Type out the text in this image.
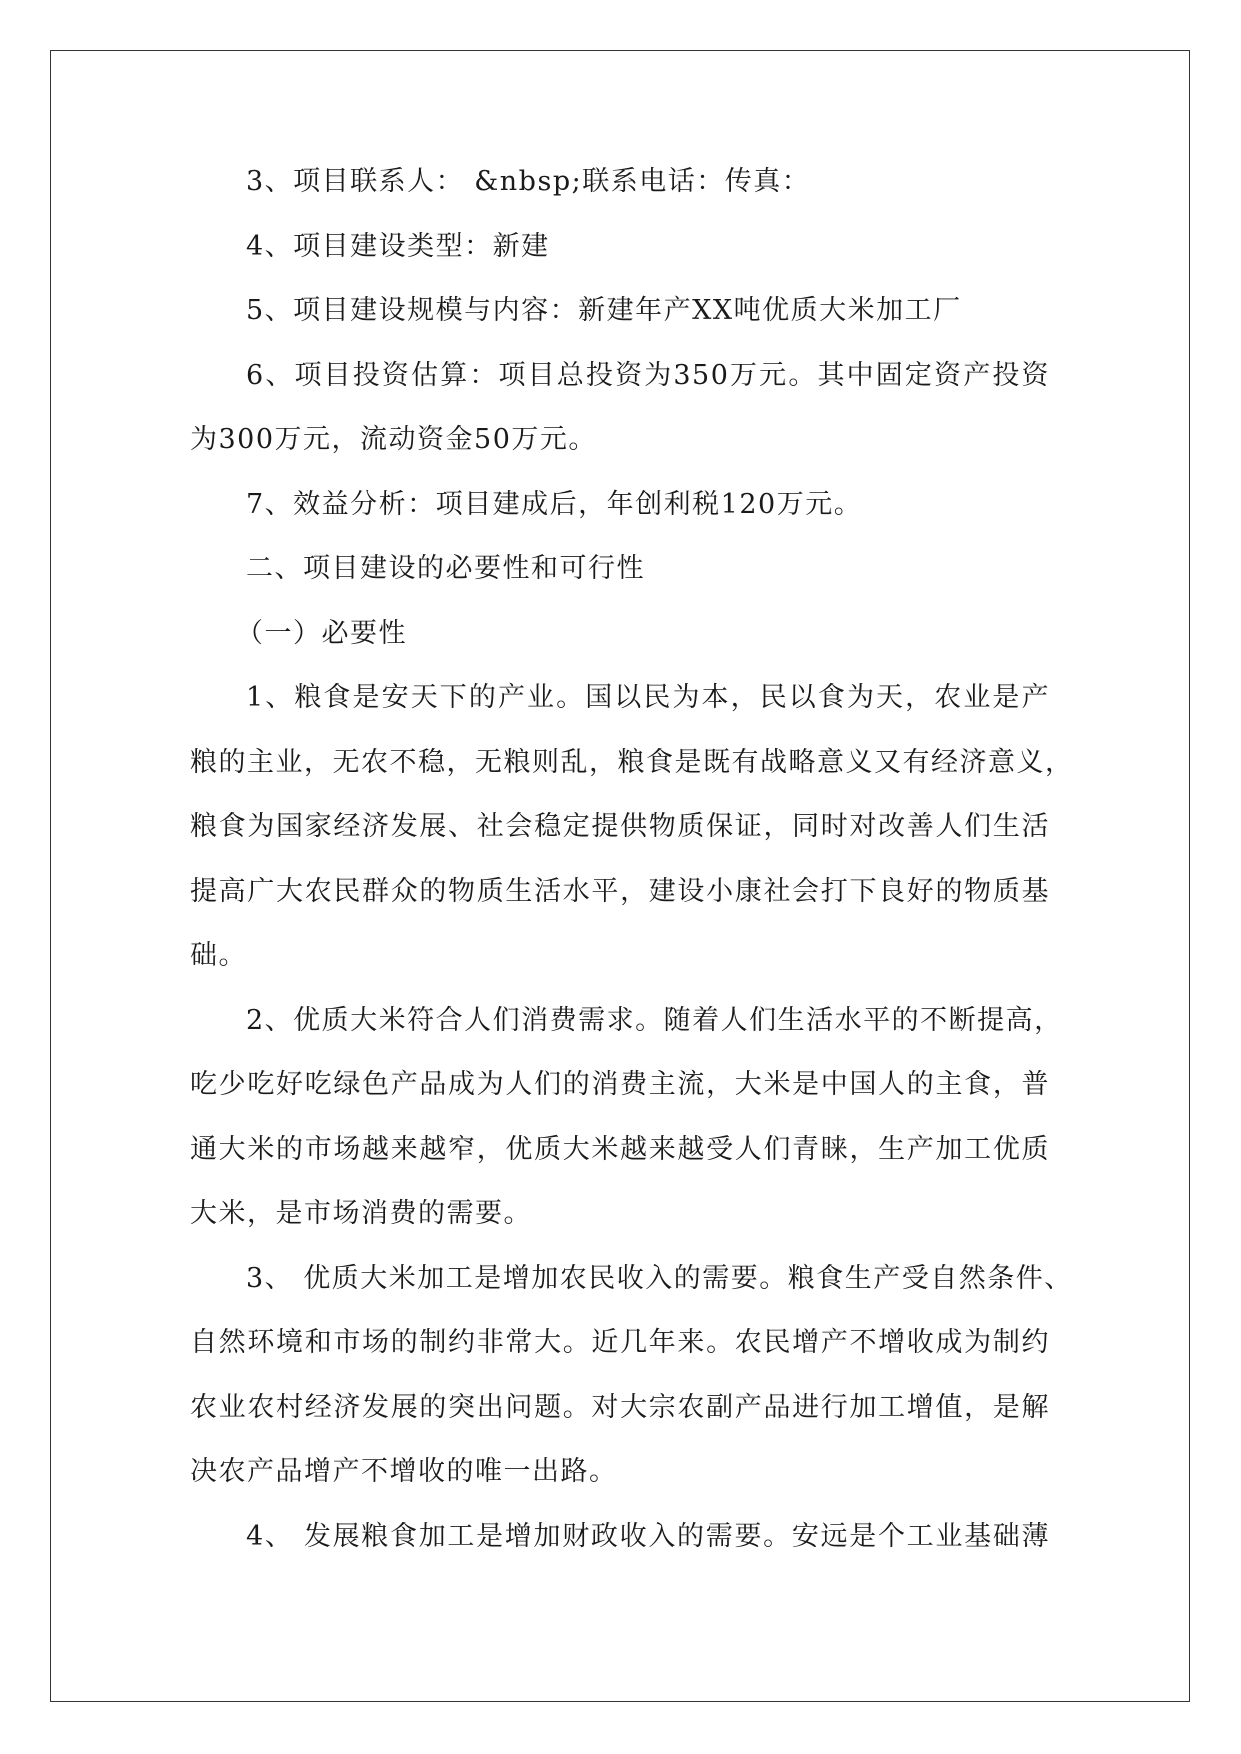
3、项目联系人： &nbsp;联系电话：传真：
4、项目建设类型：新建
5、项目建设规模与内容：新建年产XX吨优质大米加工厂
6、项目投资估算：项目总投资为350万元。其中固定资产投资
为300万元，流动资金50万元。
7、效益分析：项目建成后，年创利税120万元。
二、项目建设的必要性和可行性
（一）必要性
1、粮食是安天下的产业。国以民为本，民以食为天，农业是产
粮的主业，无农不稳，无粮则乱，粮食是既有战略意义又有经济意义，
粮食为国家经济发展、社会稳定提供物质保证，同时对改善人们生活
提高广大农民群众的物质生活水平，建设小康社会打下良好的物质基
础。
2、优质大米符合人们消费需求。随着人们生活水平的不断提高，
吃少吃好吃绿色产品成为人们的消费主流，大米是中国人的主食，普
通大米的市场越来越窄，优质大米越来越受人们青睐，生产加工优质
大米，是市场消费的需要。
3、 优质大米加工是增加农民收入的需要。粮食生产受自然条件、
自然环境和市场的制约非常大。近几年来。农民增产不增收成为制约
农业农村经济发展的突出问题。对大宗农副产品进行加工增值，是解
决农产品增产不增收的唯一出路。
4、 发展粮食加工是增加财政收入的需要。安远是个工业基础薄
